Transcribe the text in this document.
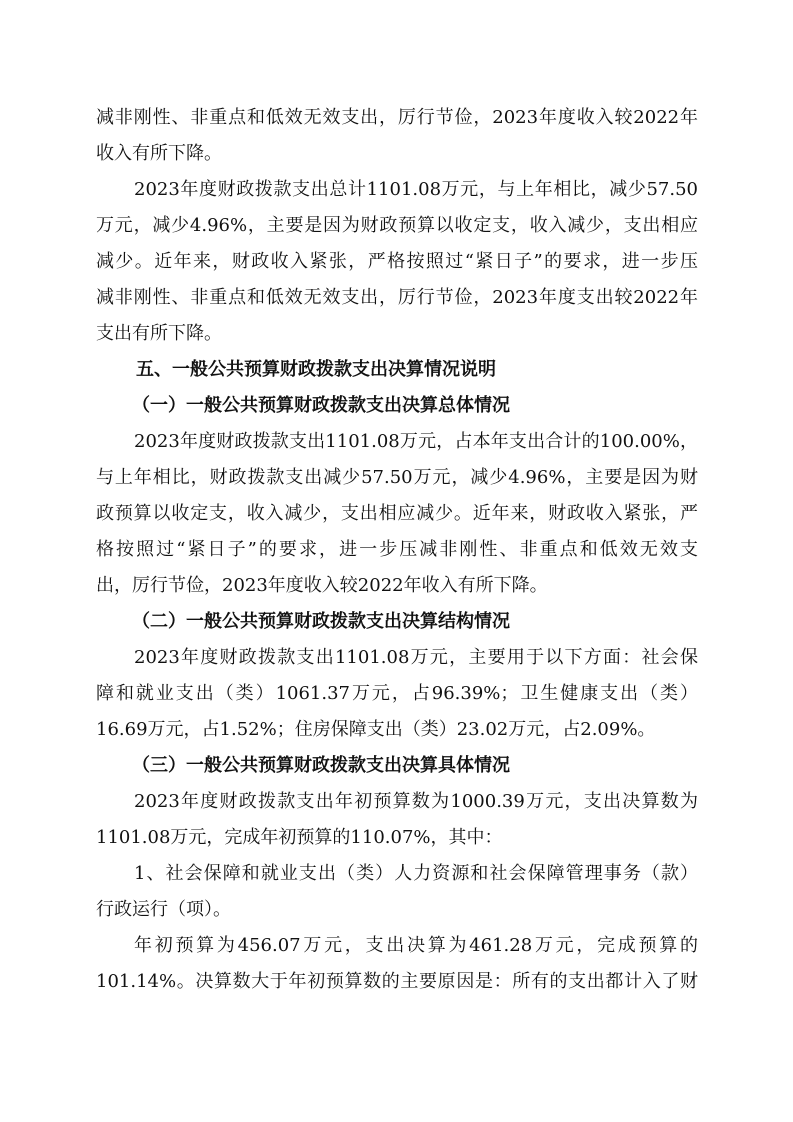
减非刚性、非重点和低效无效支出，厉行节俭，2023年度收入较2022年
收入有所下降。
2023年度财政拨款支出总计1101.08万元，与上年相比，减少57.50
万元，减少4.96%，主要是因为财政预算以收定支，收入减少，支出相应
减少。近年来，财政收入紧张，严格按照过“紧日子”的要求，进一步压
减非刚性、非重点和低效无效支出，厉行节俭，2023年度支出较2022年
支出有所下降。
五、一般公共预算财政拨款支出决算情况说明
（一）一般公共预算财政拨款支出决算总体情况
2023年度财政拨款支出1101.08万元，占本年支出合计的100.00%，
与上年相比，财政拨款支出减少57.50万元，减少4.96%，主要是因为财
政预算以收定支，收入减少，支出相应减少。近年来，财政收入紧张，严
格按照过“紧日子”的要求，进一步压减非刚性、非重点和低效无效支
出，厉行节俭，2023年度收入较2022年收入有所下降。
（二）一般公共预算财政拨款支出决算结构情况
2023年度财政拨款支出1101.08万元，主要用于以下方面：社会保
障和就业支出（类）1061.37万元，占96.39%；卫生健康支出（类）
16.69万元，占1.52%；住房保障支出（类）23.02万元，占2.09%。
（三）一般公共预算财政拨款支出决算具体情况
2023年度财政拨款支出年初预算数为1000.39万元，支出决算数为
1101.08万元，完成年初预算的110.07%，其中：
1、社会保障和就业支出（类）人力资源和社会保障管理事务（款）
行政运行（项）。
年初预算为456.07万元，支出决算为461.28万元，完成预算的
101.14%。决算数大于年初预算数的主要原因是：所有的支出都计入了财
